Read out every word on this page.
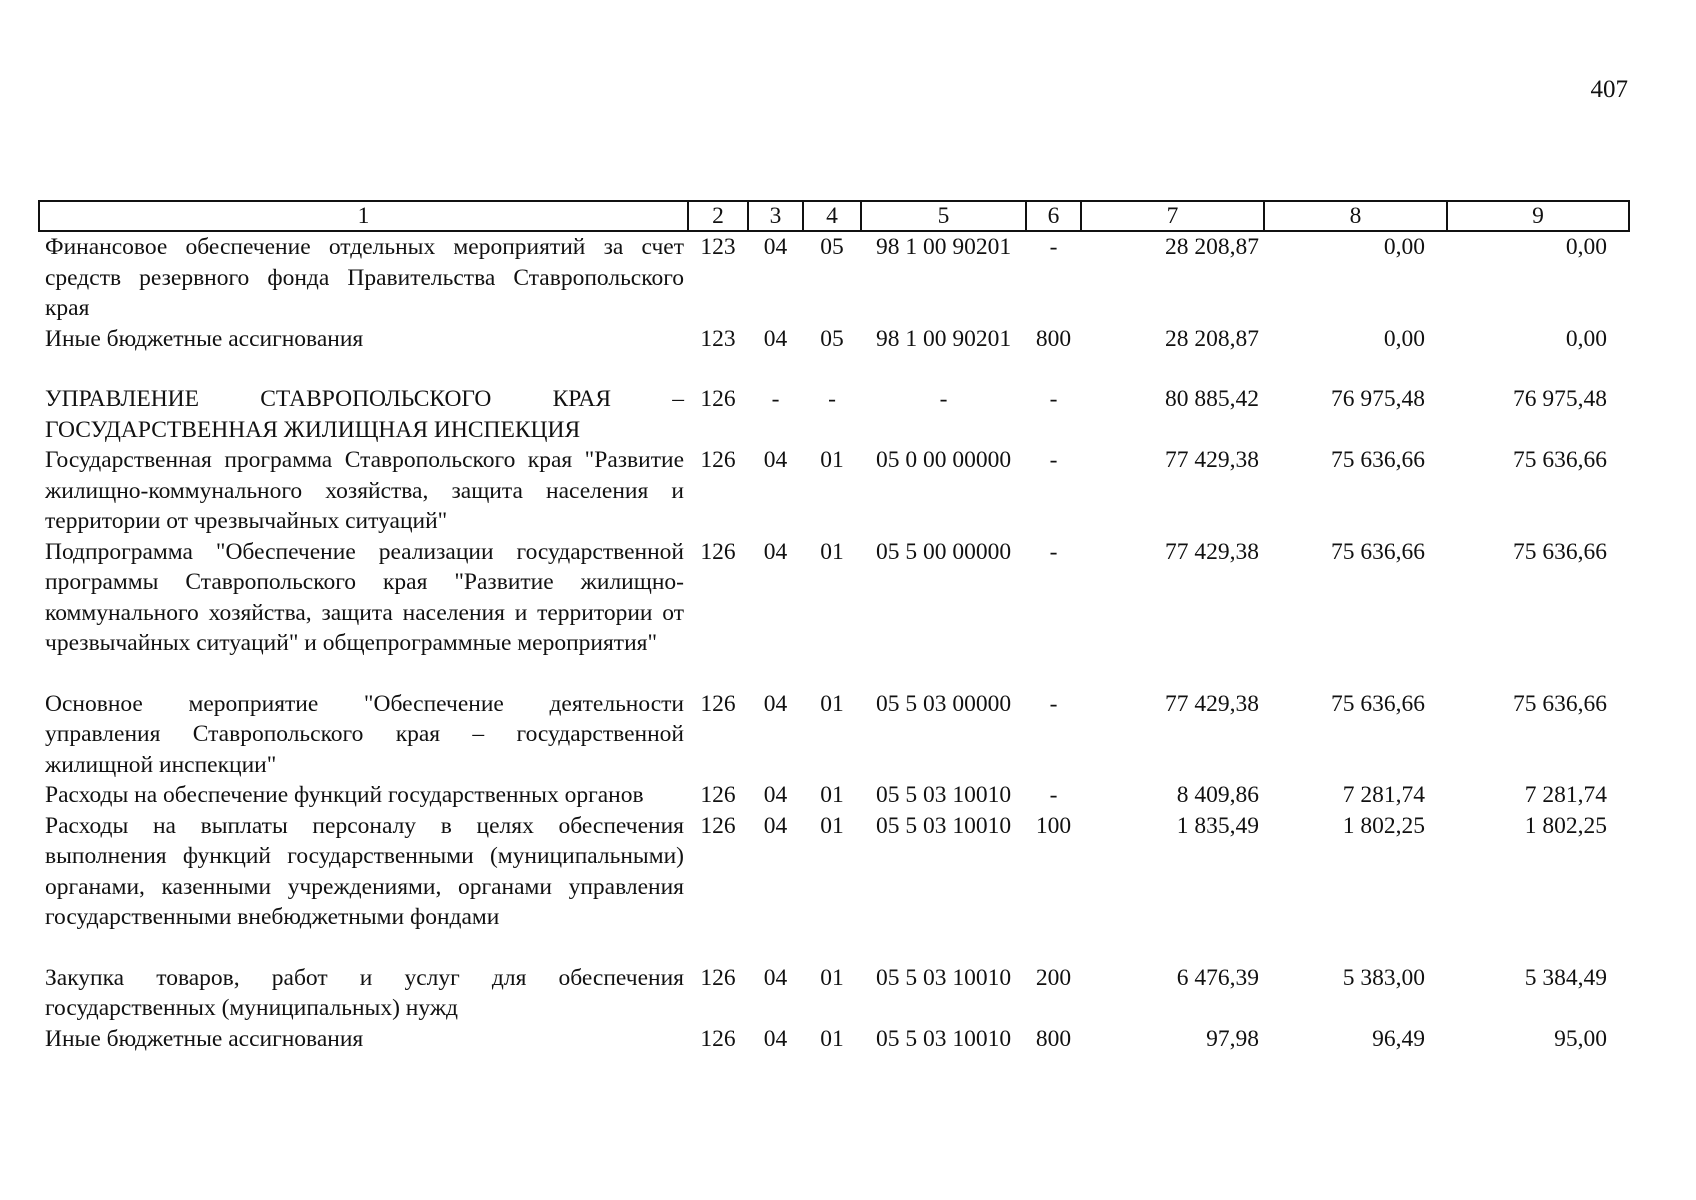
407
1	2	3	4	5	6	7	8	9
Финансовое обеспечение отдельных мероприятий за счет средств резервного фонда Правительства Ставропольского края	123	04	05	98 1 00 90201	-	28 208,87	0,00	0,00
Иные бюджетные ассигнования	123	04	05	98 1 00 90201	800	28 208,87	0,00	0,00
УПРАВЛЕНИЕ СТАВРОПОЛЬСКОГО КРАЯ – ГОСУДАРСТВЕННАЯ ЖИЛИЩНАЯ ИНСПЕКЦИЯ	126	-	-	-	-	80 885,42	76 975,48	76 975,48
Государственная программа Ставропольского края "Развитие жилищно-коммунального хозяйства, защита населения и территории от чрезвычайных ситуаций"	126	04	01	05 0 00 00000	-	77 429,38	75 636,66	75 636,66
Подпрограмма "Обеспечение реализации государственной программы Ставропольского края "Развитие жилищно-коммунального хозяйства, защита населения и территории от чрезвычайных ситуаций" и общепрограммные мероприятия"	126	04	01	05 5 00 00000	-	77 429,38	75 636,66	75 636,66
Основное мероприятие "Обеспечение деятельности управления Ставропольского края – государственной жилищной инспекции"	126	04	01	05 5 03 00000	-	77 429,38	75 636,66	75 636,66
Расходы на обеспечение функций государственных органов	126	04	01	05 5 03 10010	-	8 409,86	7 281,74	7 281,74
Расходы на выплаты персоналу в целях обеспечения выполнения функций государственными (муниципальными) органами, казенными учреждениями, органами управления государственными внебюджетными фондами	126	04	01	05 5 03 10010	100	1 835,49	1 802,25	1 802,25
Закупка товаров, работ и услуг для обеспечения государственных (муниципальных) нужд	126	04	01	05 5 03 10010	200	6 476,39	5 383,00	5 384,49
Иные бюджетные ассигнования	126	04	01	05 5 03 10010	800	97,98	96,49	95,00
